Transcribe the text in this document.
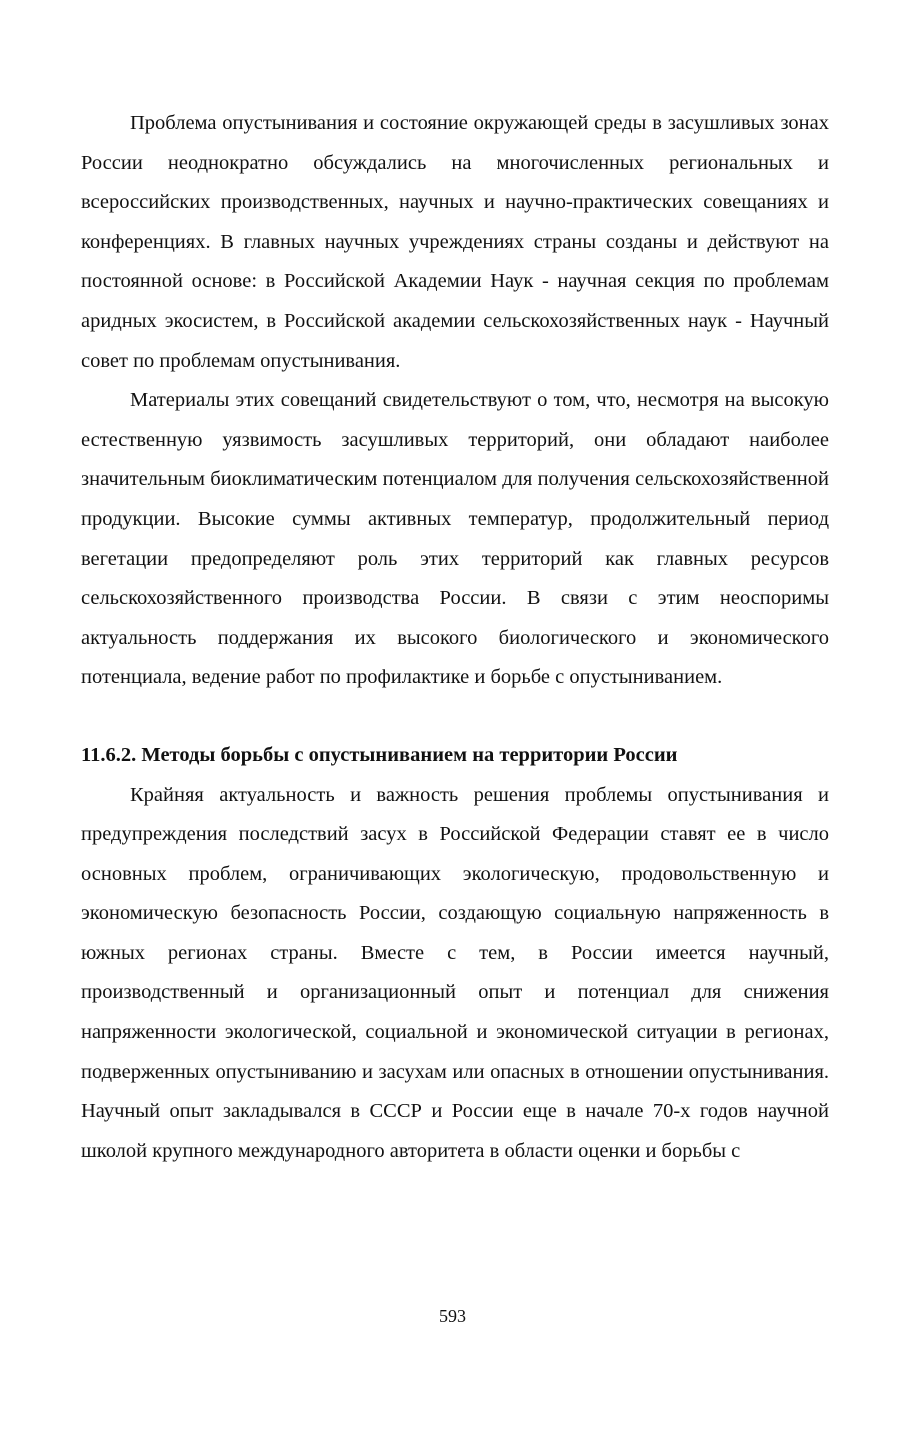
Проблема опустынивания и состояние окружающей среды в засушливых зонах России неоднократно обсуждались на многочисленных региональных и всероссийских производственных, научных и научно-практических совещаниях и конференциях. В главных научных учреждениях страны созданы и действуют на постоянной основе: в Российской Академии Наук - научная секция по проблемам аридных экосистем, в Российской академии сельскохозяйственных наук - Научный совет по проблемам опустынивания.

Материалы этих совещаний свидетельствуют о том, что, несмотря на высокую естественную уязвимость засушливых территорий, они обладают наиболее значительным биоклиматическим потенциалом для получения сельскохозяйственной продукции. Высокие суммы активных температур, продолжительный период вегетации предопределяют роль этих территорий как главных ресурсов сельскохозяйственного производства России. В связи с этим неоспоримы актуальность поддержания их высокого биологического и экономического потенциала, ведение работ по профилактике и борьбе с опустыниванием.

11.6.2. Методы борьбы с опустыниванием на территории России

Крайняя актуальность и важность решения проблемы опустынивания и предупреждения последствий засух в Российской Федерации ставят ее в число основных проблем, ограничивающих экологическую, продовольственную и экономическую безопасность России, создающую социальную напряженность в южных регионах страны. Вместе с тем, в России имеется научный, производственный и организационный опыт и потенциал для снижения напряженности экологической, социальной и экономической ситуации в регионах, подверженных опустыниванию и засухам или опасных в отношении опустынивания. Научный опыт закладывался в СССР и России еще в начале 70-х годов научной школой крупного международного авторитета в области оценки и борьбы с

593
